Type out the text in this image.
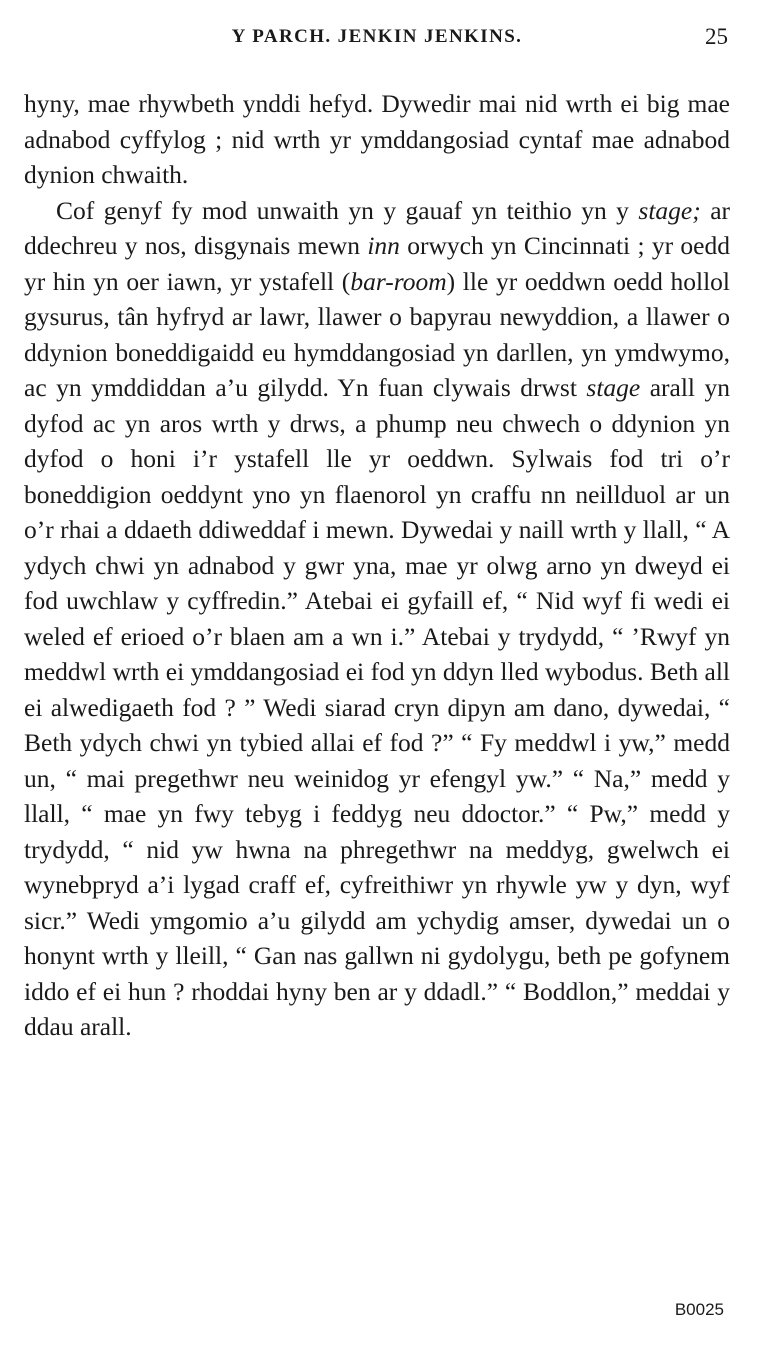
Y PARCH. JENKIN JENKINS.	25

hyny, mae rhywbeth ynddi hefyd. Dywedir mai nid wrth ei big mae adnabod cyffylog ; nid wrth yr ymddangosiad cyntaf mae adnabod dynion chwaith.

Cof genyf fy mod unwaith yn y gauaf yn teithio yn y stage; ar ddechreu y nos, disgynais mewn inn orwych yn Cincinnati ; yr oedd yr hin yn oer iawn, yr ystafell (bar-room) lle yr oeddwn oedd hollol gysurus, tân hyfryd ar lawr, llawer o bapyrau newyddion, a llawer o ddynion boneddigaidd eu hymddangosiad yn darllen, yn ymdwymo, ac yn ymddiddan a’u gilydd. Yn fuan clywais drwst stage arall yn dyfod ac yn aros wrth y drws, a phump neu chwech o ddynion yn dyfod o honi i’r ystafell lle yr oeddwn. Sylwais fod tri o’r boneddigion oeddynt yno yn flaenorol yn craffu nn neillduol ar un o’r rhai a ddaeth ddiweddaf i mewn. Dywedai y naill wrth y llall, “ A ydych chwi yn adnabod y gwr yna, mae yr olwg arno yn dweyd ei fod uwchlaw y cyffredin.” Atebai ei gyfaill ef, “ Nid wyf fi wedi ei weled ef erioed o’r blaen am a wn i.” Atebai y trydydd, “ ’Rwyf yn meddwl wrth ei ymddangosiad ei fod yn ddyn lled wybodus. Beth all ei alwedigaeth fod ? ” Wedi siarad cryn dipyn am dano, dywedai, “ Beth ydych chwi yn tybied allai ef fod ?” “ Fy meddwl i yw,” medd un, “ mai pregethwr neu weinidog yr efengyl yw.” “ Na,” medd y llall, “ mae yn fwy tebyg i feddyg neu ddoctor.” “ Pw,” medd y trydydd, “ nid yw hwna na phregethwr na meddyg, gwelwch ei wynebpryd a’i lygad craff ef, cyfreithiwr yn rhywle yw y dyn, wyf sicr.” Wedi ymgomio a’u gilydd am ychydig amser, dywedai un o honynt wrth y lleill, “ Gan nas gallwn ni gydolygu, beth pe gofynem iddo ef ei hun ? rhoddai hyny ben ar y ddadl.” “ Boddlon,” meddai y ddau arall.

B0025
